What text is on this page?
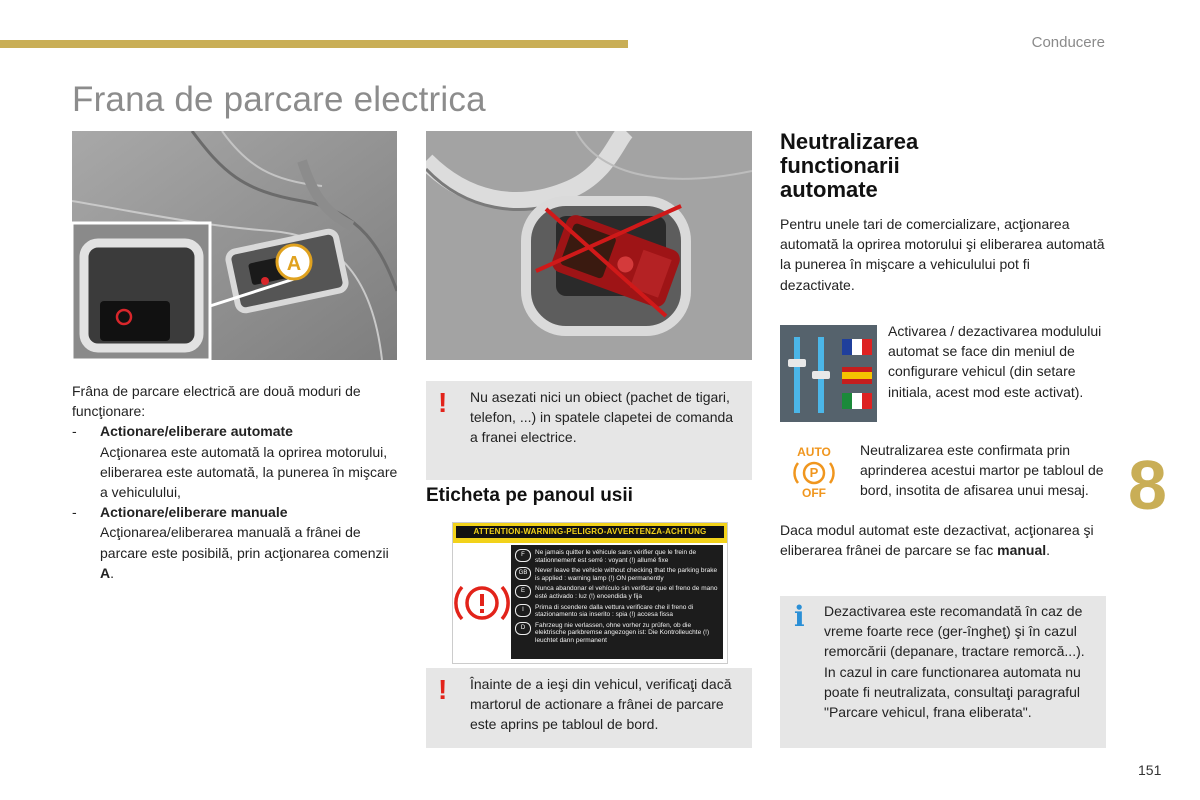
Conducere
Frana de parcare electrica
A

Frâna de parcare electrică are două moduri de funcţionare:

-	Actionare/eliberare automate

Acţionarea este automată la oprirea motorului, eliberarea este automată, la punerea în mişcare a vehiculului,

-	Actionare/eliberare manuale

Acţionarea/eliberarea manuală a frânei de parcare este posibilă, prin acţionarea comenzii A.

! Nu asezati nici un obiect (pachet de tigari, telefon, ...) in spatele clapetei de comanda a franei electrice.
Eticheta pe panoul usii
ATTENTION-WARNING-PELIGRO-AVVERTENZA-ACHTUNG
F	Ne jamais quitter le véhicule sans vérifier que le frein de stationnement est serré : voyant (!) allumé fixe
GB	Never leave the vehicle without checking that the parking brake is applied : warning lamp (!) ON permanently
E	Nunca abandonar el vehículo sin verificar que el freno de mano esté activado : luz (!) encendida y fija
I	Prima di scendere dalla vettura verificare che il freno di stazionamento sia inserito : spia (!) accesa fissa
D	Fahrzeug nie verlassen, ohne vorher zu prüfen, ob die elektrische parkbremse angezogen ist: Die Kontrolleuchte (!) leuchtet dann permanent
! Înainte de a ieşi din vehicul, verificaţi dacă martorul de actionare a frânei de parcare este aprins pe tabloul de bord.
Neutralizarea functionarii automate
Pentru unele tari de comercializare, acţionarea automată la oprirea motorului şi eliberarea automată la punerea în mişcare a vehiculului pot fi dezactivate.
Activarea / dezactivarea modulului automat se face din meniul de configurare vehicul (din setare initiala, acest mod este activat).
AUTO
P
OFF
Neutralizarea este confirmata prin aprinderea acestui martor pe tabloul de bord, insotita de afisarea unui mesaj.
Daca modul automat este dezactivat, acţionarea şi eliberarea frânei de parcare se fac manual.
i Dezactivarea este recomandată în caz de vreme foarte rece (ger-îngheţ) şi în cazul remorcării (depanare, tractare remorcă...). In cazul in care functionarea automata nu poate fi neutralizata, consultaţi paragraful "Parcare vehicul, frana eliberata".
8
151
